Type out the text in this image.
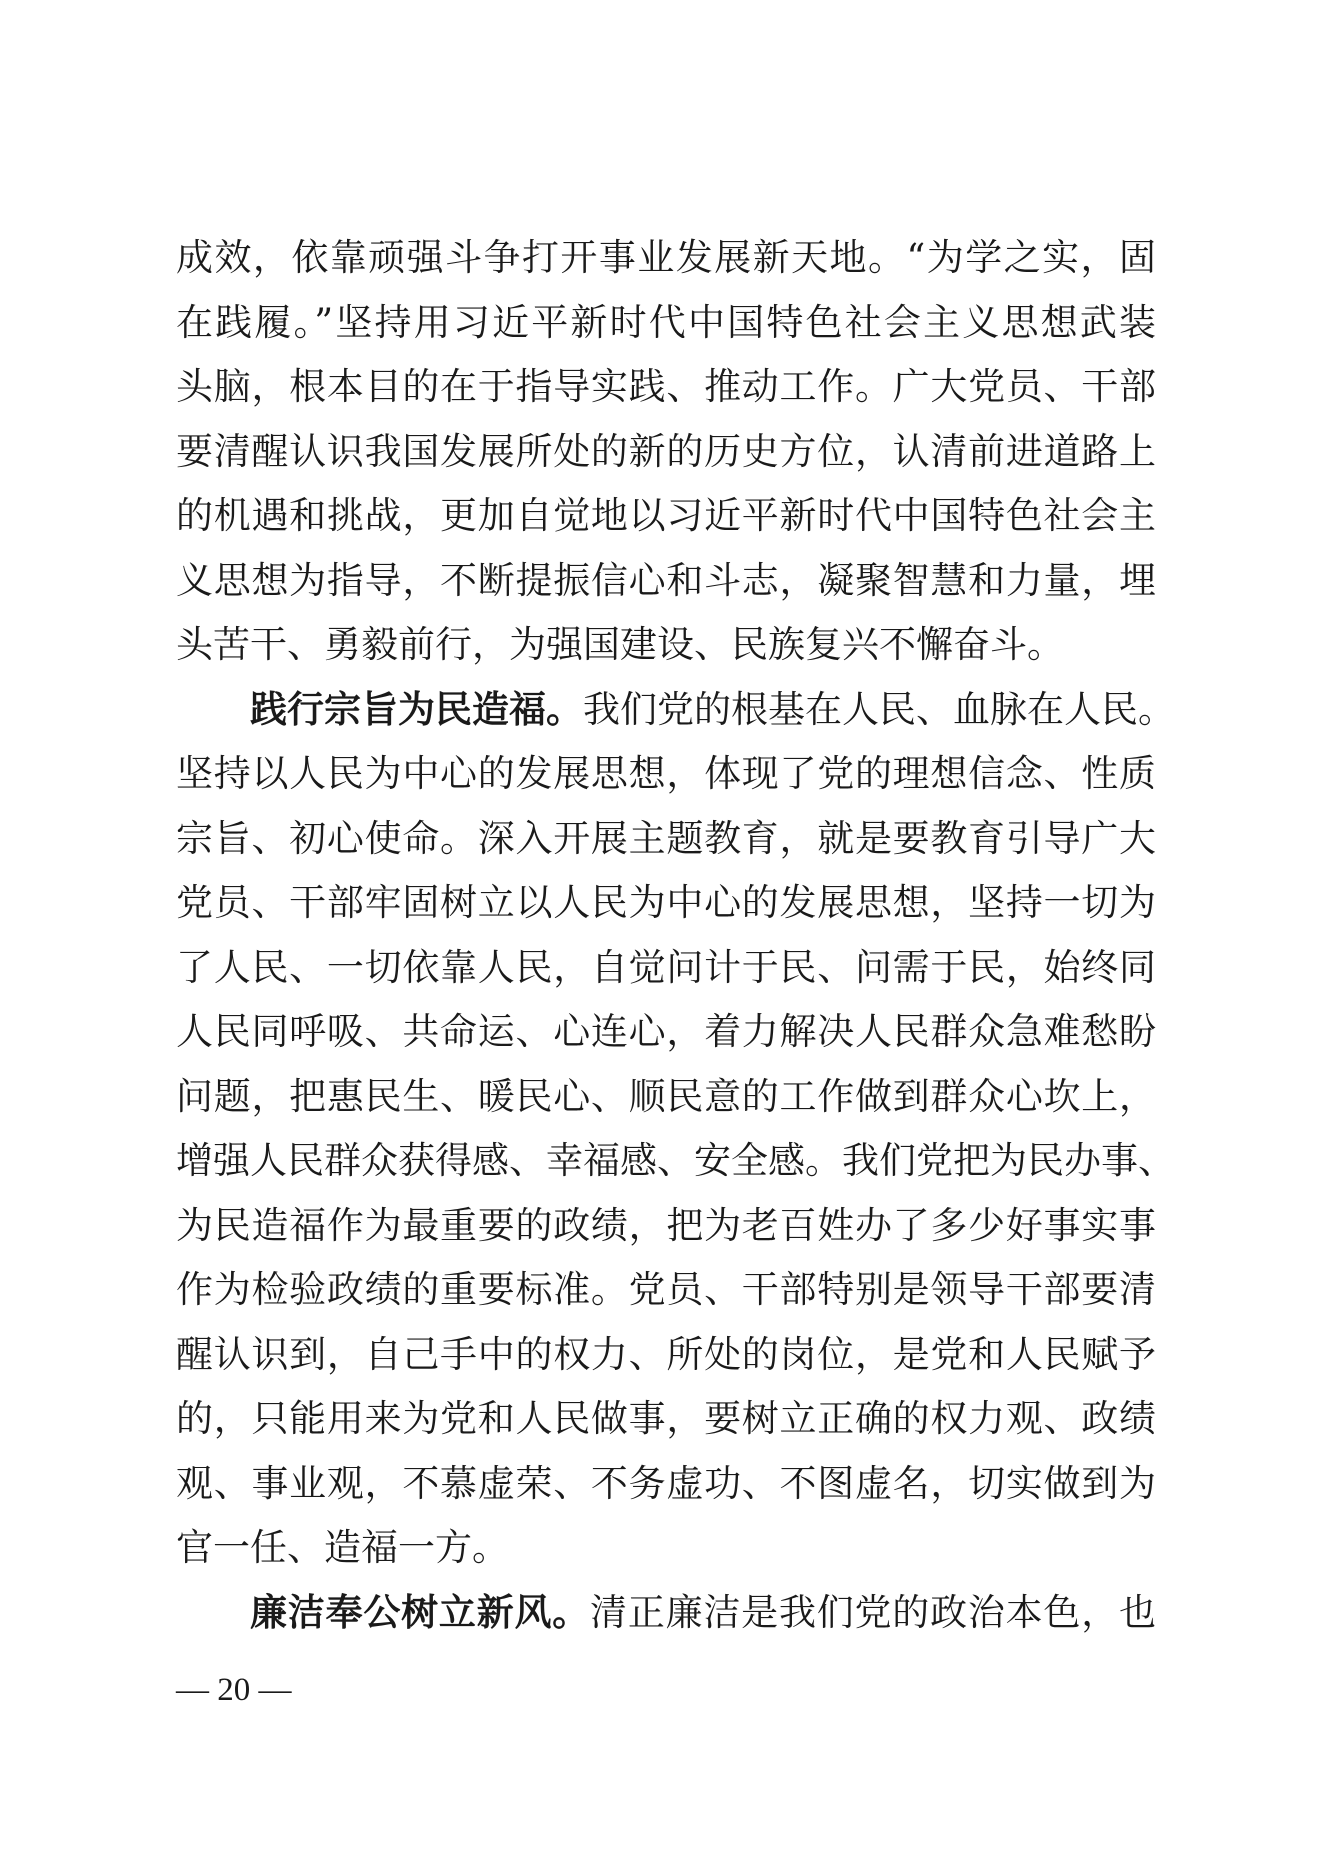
成效，依靠顽强斗争打开事业发展新天地。“为学之实，固
在践履。”坚持用习近平新时代中国特色社会主义思想武装
头脑，根本目的在于指导实践、推动工作。广大党员、干部
要清醒认识我国发展所处的新的历史方位，认清前进道路上
的机遇和挑战，更加自觉地以习近平新时代中国特色社会主
义思想为指导，不断提振信心和斗志，凝聚智慧和力量，埋
头苦干、勇毅前行，为强国建设、民族复兴不懈奋斗。
践行宗旨为民造福。我们党的根基在人民、血脉在人民。
坚持以人民为中心的发展思想，体现了党的理想信念、性质
宗旨、初心使命。深入开展主题教育，就是要教育引导广大
党员、干部牢固树立以人民为中心的发展思想，坚持一切为
了人民、一切依靠人民，自觉问计于民、问需于民，始终同
人民同呼吸、共命运、心连心，着力解决人民群众急难愁盼
问题，把惠民生、暖民心、顺民意的工作做到群众心坎上，
增强人民群众获得感、幸福感、安全感。我们党把为民办事、
为民造福作为最重要的政绩，把为老百姓办了多少好事实事
作为检验政绩的重要标准。党员、干部特别是领导干部要清
醒认识到，自己手中的权力、所处的岗位，是党和人民赋予
的，只能用来为党和人民做事，要树立正确的权力观、政绩
观、事业观，不慕虚荣、不务虚功、不图虚名，切实做到为
官一任、造福一方。
廉洁奉公树立新风。清正廉洁是我们党的政治本色，也
— 20 —
